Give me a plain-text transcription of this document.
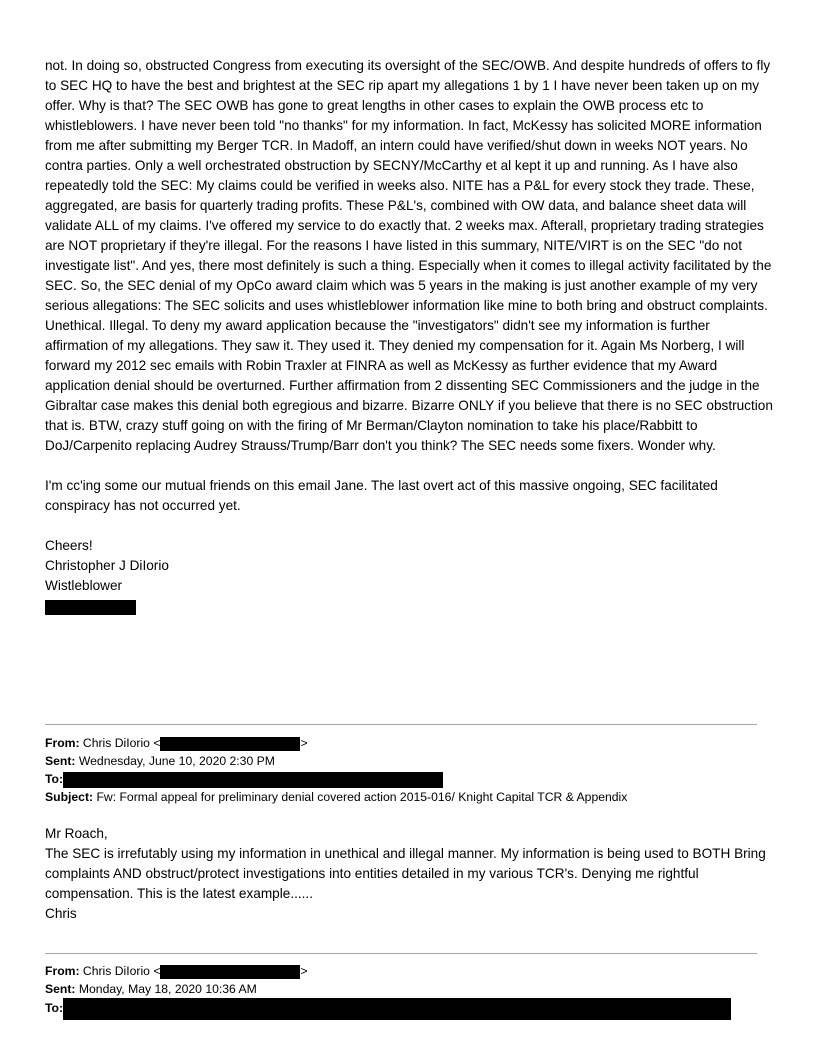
not. In doing so, obstructed Congress from executing its oversight of the SEC/OWB. And despite hundreds of offers to fly to SEC HQ to have the best and brightest at the SEC rip apart my allegations 1 by 1 I have never been taken up on my offer. Why is that? The SEC OWB has gone to great lengths in other cases to explain the OWB process etc to whistleblowers. I have never been told "no thanks" for my information. In fact, McKessy has solicited MORE information from me after submitting my Berger TCR. In Madoff, an intern could have verified/shut down in weeks NOT years. No contra parties. Only a well orchestrated obstruction by SECNY/McCarthy et al kept it up and running. As I have also repeatedly told the SEC: My claims could be verified in weeks also. NITE has a P&L for every stock they trade. These, aggregated, are basis for quarterly trading profits. These P&L's, combined with OW data, and balance sheet data will validate ALL of my claims. I've offered my service to do exactly that. 2 weeks max. Afterall, proprietary trading strategies are NOT proprietary if they're illegal. For the reasons I have listed in this summary, NITE/VIRT is on the SEC "do not investigate list". And yes, there most definitely is such a thing. Especially when it comes to illegal activity facilitated by the SEC. So, the SEC denial of my OpCo award claim which was 5 years in the making is just another example of my very serious allegations: The SEC solicits and uses whistleblower information like mine to both bring and obstruct complaints. Unethical. Illegal. To deny my award application because the "investigators" didn't see my information is further affirmation of my allegations. They saw it. They used it. They denied my compensation for it. Again Ms Norberg, I will forward my 2012 sec emails with Robin Traxler at FINRA as well as McKessy as further evidence that my Award application denial should be overturned. Further affirmation from 2 dissenting SEC Commissioners and the judge in the Gibraltar case makes this denial both egregious and bizarre. Bizarre ONLY if you believe that there is no SEC obstruction that is. BTW, crazy stuff going on with the firing of Mr Berman/Clayton nomination to take his place/Rabbitt to DoJ/Carpenito replacing Audrey Strauss/Trump/Barr don't you think? The SEC needs some fixers. Wonder why.

I'm cc'ing some our mutual friends on this email Jane. The last overt act of this massive ongoing, SEC facilitated conspiracy has not occurred yet.

Cheers!
Christopher J DiIorio
Wistleblower
From: Chris DiIorio <	>
Sent: Wednesday, June 10, 2020 2:30 PM
To:
Subject: Fw: Formal appeal for preliminary denial covered action 2015-016/ Knight Capital TCR & Appendix
Mr Roach,
The SEC is irrefutably using my information in unethical and illegal manner. My information is being used to BOTH Bring complaints AND obstruct/protect investigations into entities detailed in my various TCR's. Denying me rightful compensation. This is the latest example......
Chris
From: Chris DiIorio <	>
Sent: Monday, May 18, 2020 10:36 AM
To:
